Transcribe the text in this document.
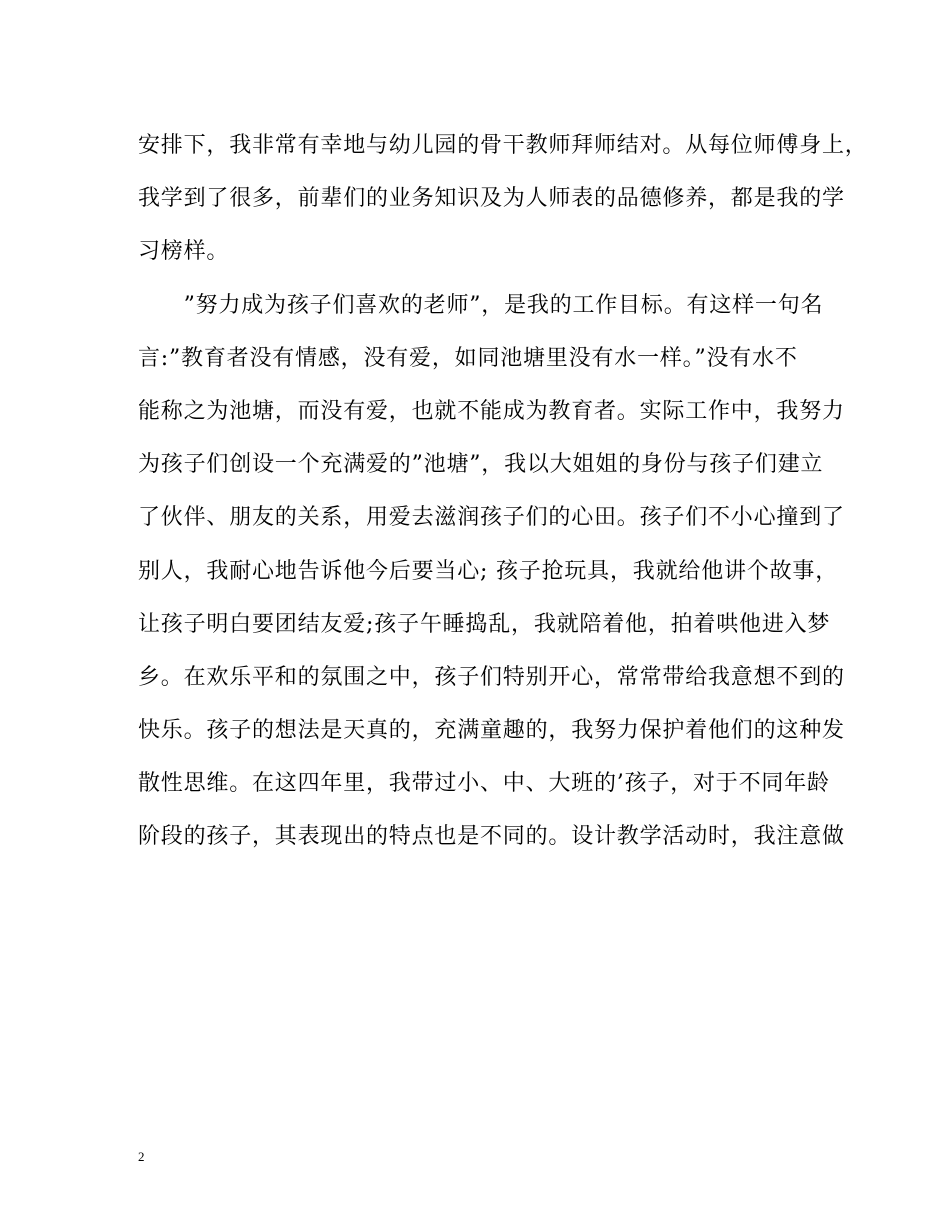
安排下，我非常有幸地与幼儿园的骨干教师拜师结对。从每位师傅身上，
我学到了很多，前辈们的业务知识及为人师表的品德修养，都是我的学
习榜样。
　　”努力成为孩子们喜欢的老师”，是我的工作目标。有这样一句名
言:”教育者没有情感，没有爱，如同池塘里没有水一样。”没有水不
能称之为池塘，而没有爱，也就不能成为教育者。实际工作中，我努力
为孩子们创设一个充满爱的”池塘”，我以大姐姐的身份与孩子们建立
了伙伴、朋友的关系，用爱去滋润孩子们的心田。孩子们不小心撞到了
别人，我耐心地告诉他今后要当心; 孩子抢玩具，我就给他讲个故事，
让孩子明白要团结友爱;孩子午睡捣乱，我就陪着他，拍着哄他进入梦
乡。在欢乐平和的氛围之中，孩子们特别开心，常常带给我意想不到的
快乐。孩子的想法是天真的，充满童趣的，我努力保护着他们的这种发
散性思维。在这四年里，我带过小、中、大班的’孩子，对于不同年龄
阶段的孩子，其表现出的特点也是不同的。设计教学活动时，我注意做
2
